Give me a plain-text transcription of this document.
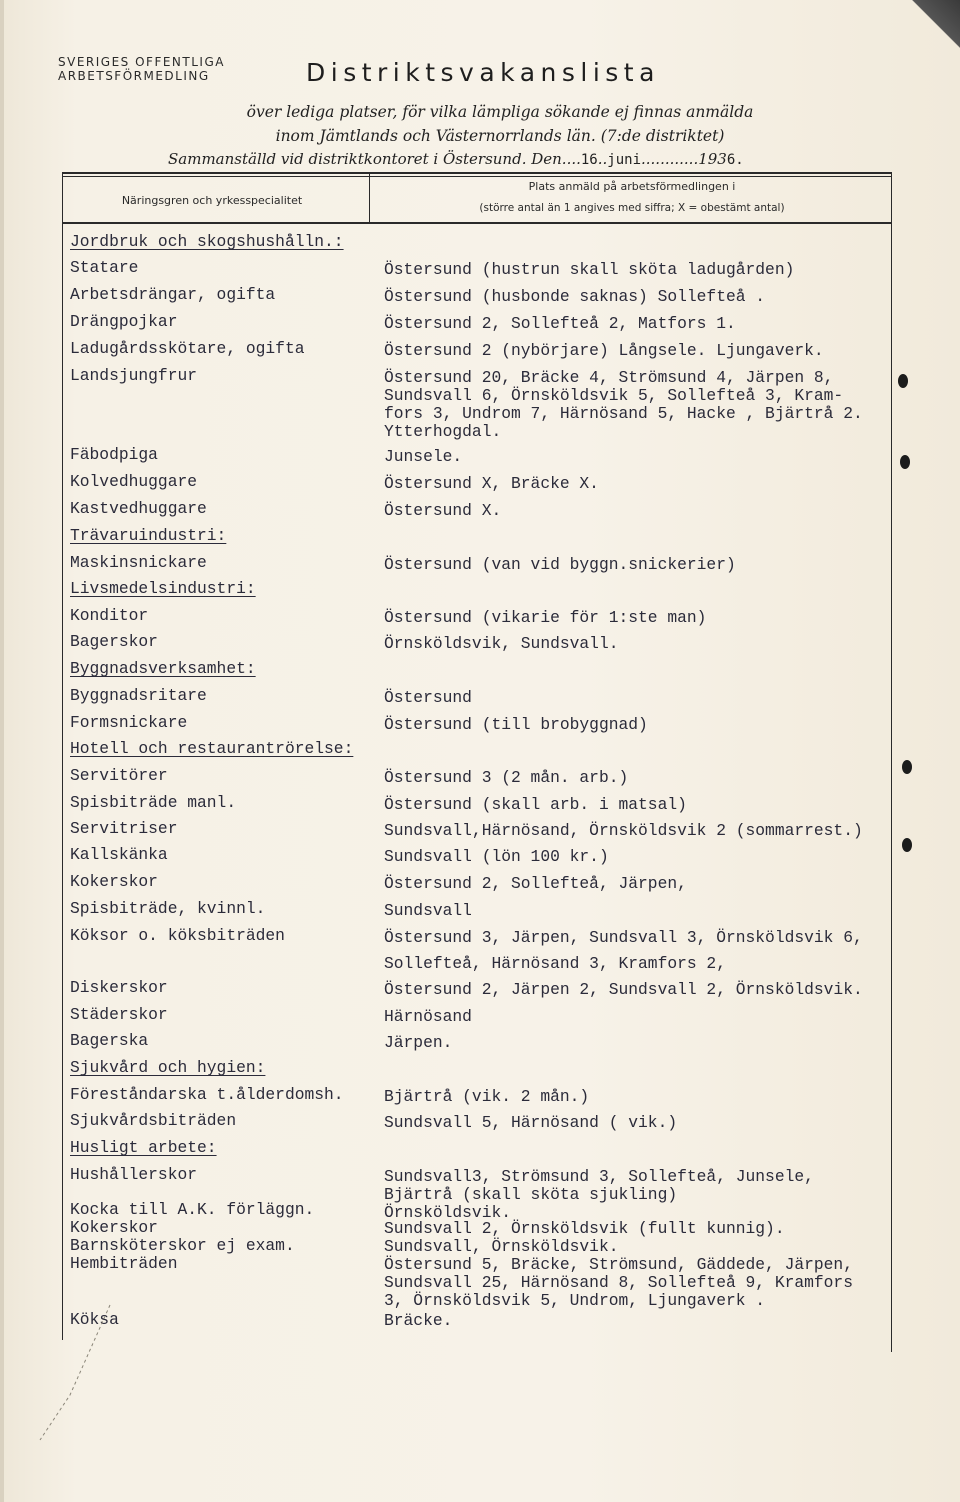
SVERIGES OFFENTLIGA
ARBETSFÖRMEDLING	Distriktsvakanslista
över lediga platser, för vilka lämpliga sökande ej finnas anmälda
inom Jämtlands och Västernorrlands län. (7:de distriktet)
Sammanställd vid distriktkontoret i Östersund. Den....16..juni............1936.
Näringsgren och yrkesspecialitet
Plats anmäld på arbetsförmedlingen i
(större antal än 1 angives med siffra; X = obestämt antal)
Jordbruk och skogshushålln.:
Statare	Östersund (hustrun skall sköta ladugården)
Arbetsdrängar, ogifta	Östersund (husbonde saknas) Sollefteå .
Drängpojkar	Östersund 2, Sollefteå 2, Matfors 1.
Ladugårdsskötare, ogifta	Östersund 2 (nybörjare) Långsele. Ljungaverk.
Landsjungfrur	Östersund 20, Bräcke 4, Strömsund 4, Järpen 8,
Sundsvall 6, Örnsköldsvik 5, Sollefteå 3, Kram-
fors 3, Undrom 7, Härnösand 5, Hacke , Bjärtrå 2.
Ytterhogdal.
Fäbodpiga	Junsele.
Kolvedhuggare	Östersund X, Bräcke X.
Kastvedhuggare	Östersund X.
Trävaruindustri:
Maskinsnickare	Östersund (van vid byggn.snickerier)
Livsmedelsindustri:
Konditor	Östersund (vikarie för 1:ste man)
Bagerskor	Örnsköldsvik, Sundsvall.
Byggnadsverksamhet:
Byggnadsritare	Östersund
Formsnickare	Östersund (till brobyggnad)
Hotell och restaurantrörelse:
Servitörer	Östersund 3 (2 mån. arb.)
Spisbiträde manl.	Östersund (skall arb. i matsal)
Servitriser	Sundsvall,Härnösand, Örnsköldsvik 2 (sommarrest.)
Kallskänka	Sundsvall (lön 100 kr.)
Kokerskor	Östersund 2, Sollefteå, Järpen,
Spisbiträde, kvinnl.	Sundsvall
Köksor o. köksbiträden	Östersund 3, Järpen, Sundsvall 3, Örnsköldsvik 6,
Sollefteå, Härnösand 3, Kramfors 2,
Diskerskor	Östersund 2, Järpen 2, Sundsvall 2, Örnsköldsvik.
Städerskor	Härnösand
Bagerska	Järpen.
Sjukvård och hygien:
Föreståndarska t.ålderdomsh. Bjärtrå (vik. 2 mån.)
Sjukvårdsbiträden	Sundsvall 5, Härnösand ( vik.)
Husligt arbete:
Hushållerskor	Sundsvall3, Strömsund 3, Sollefteå, Junsele,
Bjärtrå (skall sköta sjukling)
Kocka till A.K. förläggn.	Örnsköldsvik.
Kokerskor	Sundsvall 2, Örnsköldsvik (fullt kunnig).
Barnsköterskor ej exam.	Sundsvall, Örnsköldsvik.
Hembiträden	Östersund 5, Bräcke, Strömsund, Gäddede, Järpen,
Sundsvall 25, Härnösand 8, Sollefteå 9, Kramfors
3, Örnsköldsvik 5, Undrom, Ljungaverk .
Köksa	Bräcke.
